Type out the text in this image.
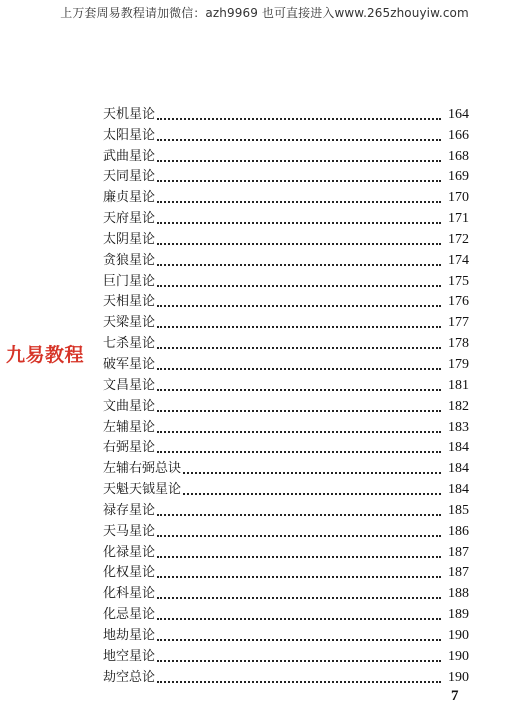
上万套周易教程请加微信：azh9969 也可直接进入www.265zhouyiw.com
九易教程
天机星论	164
太阳星论	166
武曲星论	168
天同星论	169
廉贞星论	170
天府星论	171
太阴星论	172
贪狼星论	174
巨门星论	175
天相星论	176
天梁星论	177
七杀星论	178
破军星论	179
文昌星论	181
文曲星论	182
左辅星论	183
右弼星论	184
左辅右弼总诀	184
天魁天钺星论	184
禄存星论	185
天马星论	186
化禄星论	187
化权星论	187
化科星论	188
化忌星论	189
地劫星论	190
地空星论	190
劫空总论	190
7
